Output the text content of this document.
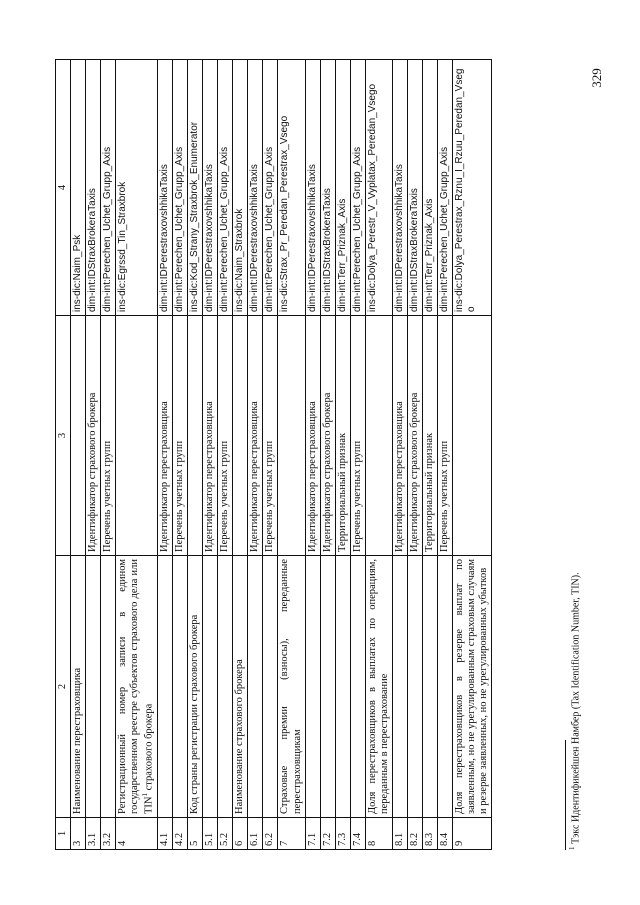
329
1	2	3	4
3	Наименование перестраховщика		ins-dic:Naim_Psk
3.1		Идентификатор страхового брокера	dim-int:IDStraxBrokeraTaxis
3.2		Перечень учетных групп	dim-int:Perechen_Uchet_Grupp_Axis
4	Регистрационный номер записи в едином государственном реестре субъектов страхового дела или TIN$^1$ страхового брокера		ins-dic:Egrssd_Tin_Straxbrok
4.1		Идентификатор перестраховщика	dim-int:IDPerestraxovshhikaTaxis
4.2		Перечень учетных групп	dim-int:Perechen_Uchet_Grupp_Axis
5	Код страны регистрации страхового брокера		ins-dic:Kod_Strany_Straxbrok_Enumerator
5.1		Идентификатор перестраховщика	dim-int:IDPerestraxovshhikaTaxis
5.2		Перечень учетных групп	dim-int:Perechen_Uchet_Grupp_Axis
6	Наименование страхового брокера		ins-dic:Naim_Straxbrok
6.1		Идентификатор перестраховщика	dim-int:IDPerestraxovshhikaTaxis
6.2		Перечень учетных групп	dim-int:Perechen_Uchet_Grupp_Axis
7	Страховые премии (взносы), переданные перестраховщикам		ins-dic:Strax_Pr_Peredan_Perestrax_Vsego
7.1		Идентификатор перестраховщика	dim-int:IDPerestraxovshhikaTaxis
7.2		Идентификатор страхового брокера	dim-int:IDStraxBrokeraTaxis
7.3		Территориальный признак	dim-int:Terr_Priznak_Axis
7.4		Перечень учетных групп	dim-int:Perechen_Uchet_Grupp_Axis
8	Доля перестраховщиков в выплатах по операциям, переданным в перестрахование		ins-dic:Dolya_Perestr_V_Vyplatax_Peredan_Vsego
8.1		Идентификатор перестраховщика	dim-int:IDPerestraxovshhikaTaxis
8.2		Идентификатор страхового брокера	dim-int:IDStraxBrokeraTaxis
8.3		Территориальный признак	dim-int:Terr_Priznak_Axis
8.4		Перечень учетных групп	dim-int:Perechen_Uchet_Grupp_Axis
9	Доля перестраховщиков в резерве выплат по заявленным, но не урегулированным страховым случаям и резерве заявленных, но не урегулированных убытков		ins-dic:Dolya_Perestrax_Rznu_I_Rzuu_Peredan_Vsego
$^1$ Тэкс Идентификейшен Намбер (Tax Identification Number, TIN).
